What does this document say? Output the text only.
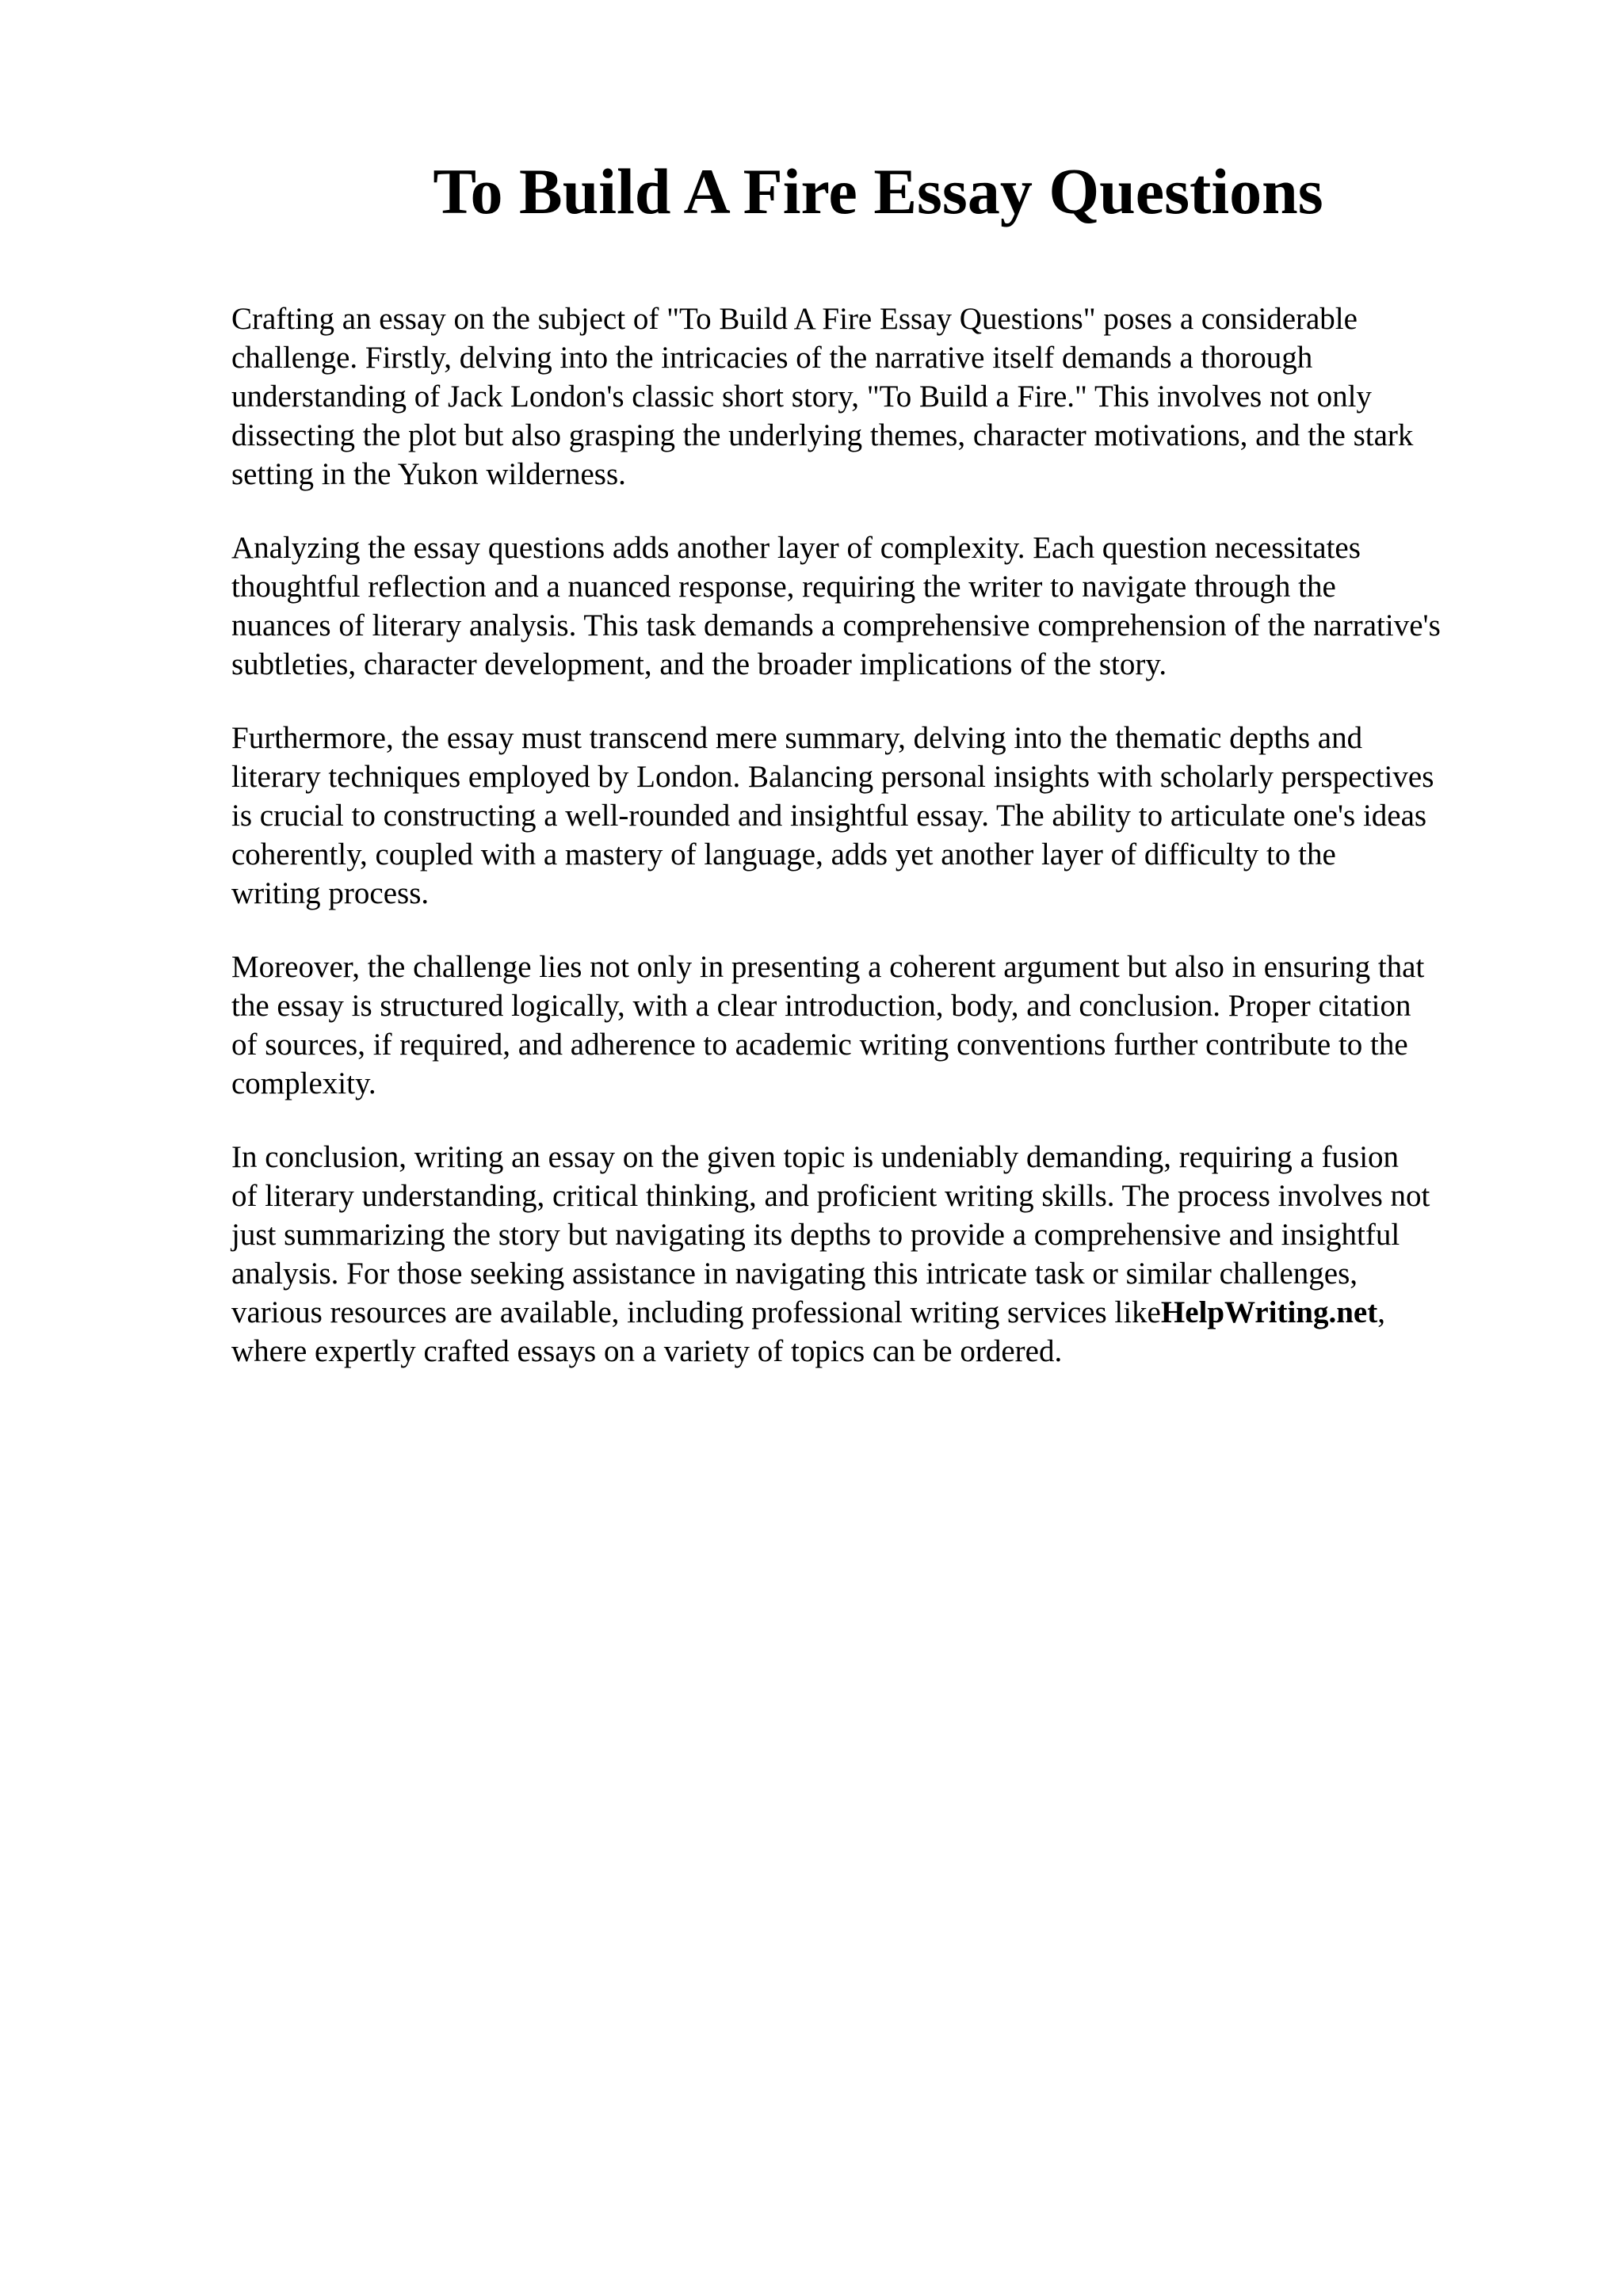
To Build A Fire Essay Questions

Crafting an essay on the subject of "To Build A Fire Essay Questions" poses a considerable
challenge. Firstly, delving into the intricacies of the narrative itself demands a thorough
understanding of Jack London's classic short story, "To Build a Fire." This involves not only
dissecting the plot but also grasping the underlying themes, character motivations, and the stark
setting in the Yukon wilderness.

Analyzing the essay questions adds another layer of complexity. Each question necessitates
thoughtful reflection and a nuanced response, requiring the writer to navigate through the
nuances of literary analysis. This task demands a comprehensive comprehension of the narrative's
subtleties, character development, and the broader implications of the story.

Furthermore, the essay must transcend mere summary, delving into the thematic depths and
literary techniques employed by London. Balancing personal insights with scholarly perspectives
is crucial to constructing a well-rounded and insightful essay. The ability to articulate one's ideas
coherently, coupled with a mastery of language, adds yet another layer of difficulty to the
writing process.

Moreover, the challenge lies not only in presenting a coherent argument but also in ensuring that
the essay is structured logically, with a clear introduction, body, and conclusion. Proper citation
of sources, if required, and adherence to academic writing conventions further contribute to the
complexity.

In conclusion, writing an essay on the given topic is undeniably demanding, requiring a fusion
of literary understanding, critical thinking, and proficient writing skills. The process involves not
just summarizing the story but navigating its depths to provide a comprehensive and insightful
analysis. For those seeking assistance in navigating this intricate task or similar challenges,
various resources are available, including professional writing services likeHelpWriting.net,
where expertly crafted essays on a variety of topics can be ordered.
